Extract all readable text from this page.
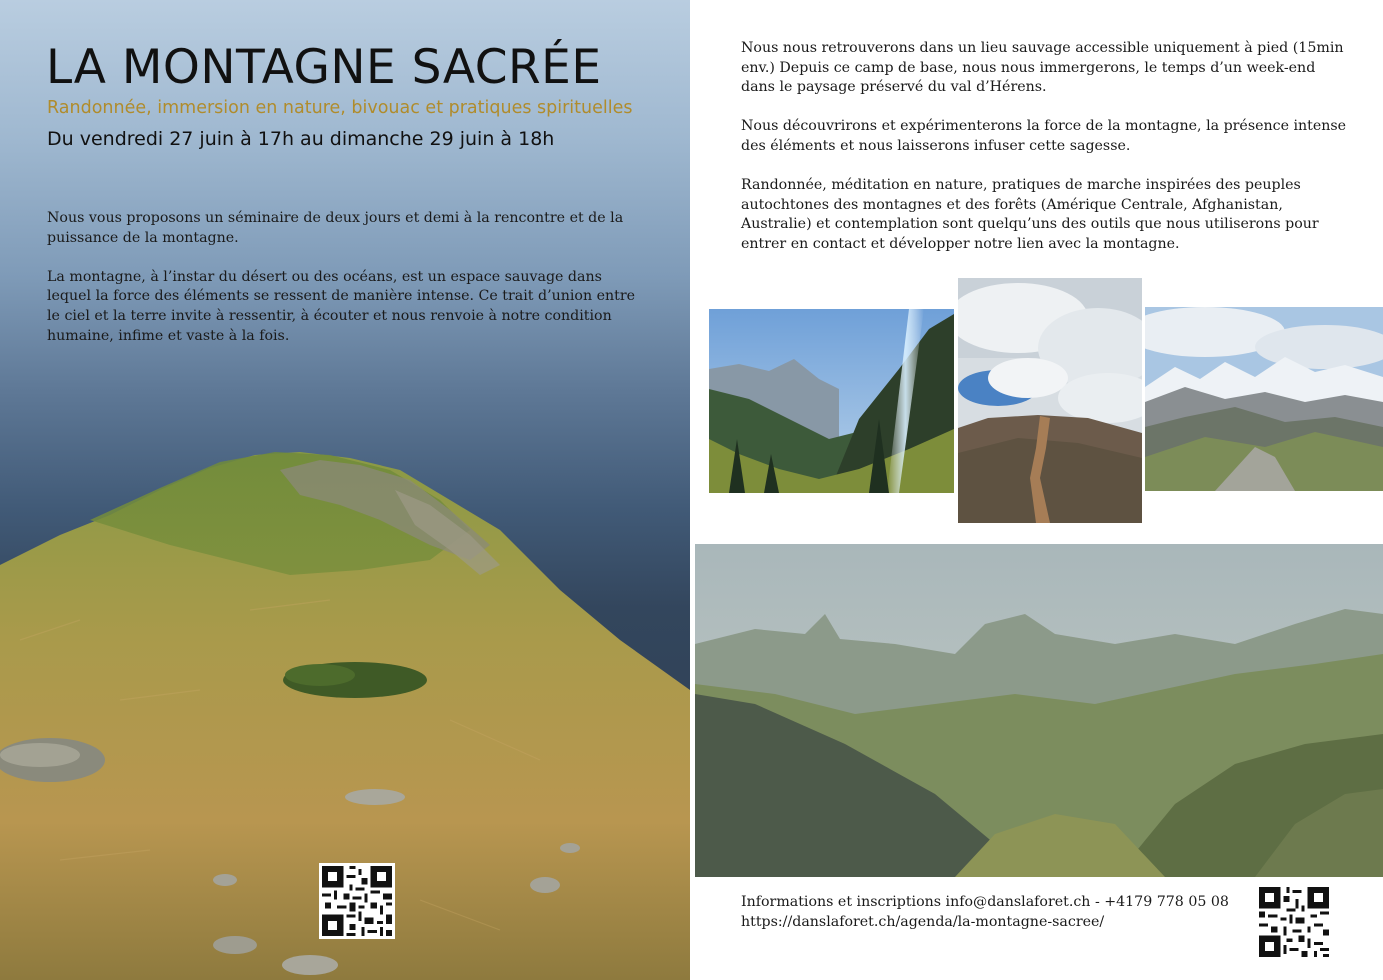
LA MONTAGNE SACRÉE

Randonnée, immersion en nature, bivouac et pratiques spirituelles

Du vendredi 27 juin à 17h au dimanche 29 juin à 18h

Nous vous proposons un séminaire de deux jours et demi à la rencontre et de la puissance de la montagne.

La montagne, à l’instar du désert ou des océans, est un espace sauvage dans lequel la force des éléments se ressent de manière intense. Ce trait d’union entre le ciel et la terre invite à ressentir, à écouter et nous renvoie à notre condition humaine, infime et vaste à la fois.

Nous nous retrouverons dans un lieu sauvage accessible uniquement à pied (15min env.) Depuis ce camp de base, nous nous immergerons, le temps d’un week-end dans le paysage préservé du val d’Hérens.

Nous découvrirons et expérimenterons la force de la montagne, la présence intense des éléments et nous laisserons infuser cette sagesse.

Randonnée, méditation en nature, pratiques de marche inspirées des peuples autochtones des montagnes et des forêts (Amérique Centrale, Afghanistan, Australie) et contemplation sont quelqu’uns des outils que nous utiliserons pour entrer en contact et développer notre lien avec la montagne.

Informations et inscriptions info@danslaforet.ch - +4179 778 05 08
https://danslaforet.ch/agenda/la-montagne-sacree/
